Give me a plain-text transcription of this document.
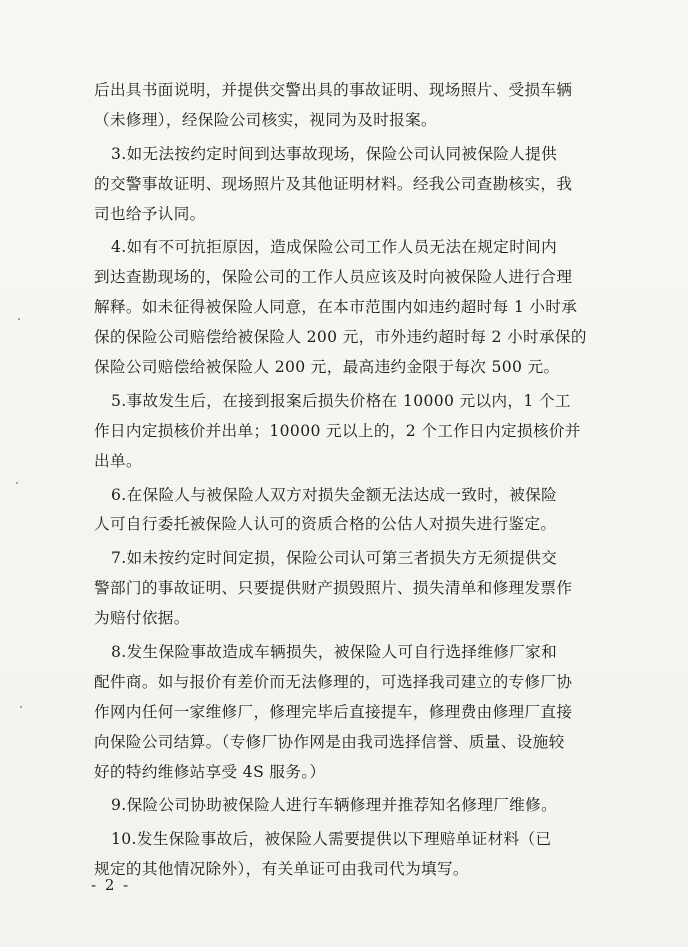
后出具书面说明，并提供交警出具的事故证明、现场照片、受损车辆
（未修理），经保险公司核实，视同为及时报案。
3.如无法按约定时间到达事故现场，保险公司认同被保险人提供
的交警事故证明、现场照片及其他证明材料。经我公司查勘核实，我
司也给予认同。
4.如有不可抗拒原因，造成保险公司工作人员无法在规定时间内
到达查勘现场的，保险公司的工作人员应该及时向被保险人进行合理
解释。如未征得被保险人同意，在本市范围内如违约超时每 1 小时承
保的保险公司赔偿给被保险人 200 元，市外违约超时每 2 小时承保的
保险公司赔偿给被保险人 200 元，最高违约金限于每次 500 元。
5.事故发生后，在接到报案后损失价格在 10000 元以内，1 个工
作日内定损核价并出单；10000 元以上的，2 个工作日内定损核价并
出单。
6.在保险人与被保险人双方对损失金额无法达成一致时，被保险
人可自行委托被保险人认可的资质合格的公估人对损失进行鉴定。
7.如未按约定时间定损，保险公司认可第三者损失方无须提供交
警部门的事故证明、只要提供财产损毁照片、损失清单和修理发票作
为赔付依据。
8.发生保险事故造成车辆损失，被保险人可自行选择维修厂家和
配件商。如与报价有差价而无法修理的，可选择我司建立的专修厂协
作网内任何一家维修厂，修理完毕后直接提车，修理费由修理厂直接
向保险公司结算。（专修厂协作网是由我司选择信誉、质量、设施较
好的特约维修站享受 4S 服务。）
9.保险公司协助被保险人进行车辆修理并推荐知名修理厂维修。
10.发生保险事故后，被保险人需要提供以下理赔单证材料（已
规定的其他情况除外），有关单证可由我司代为填写。
- 2 -
